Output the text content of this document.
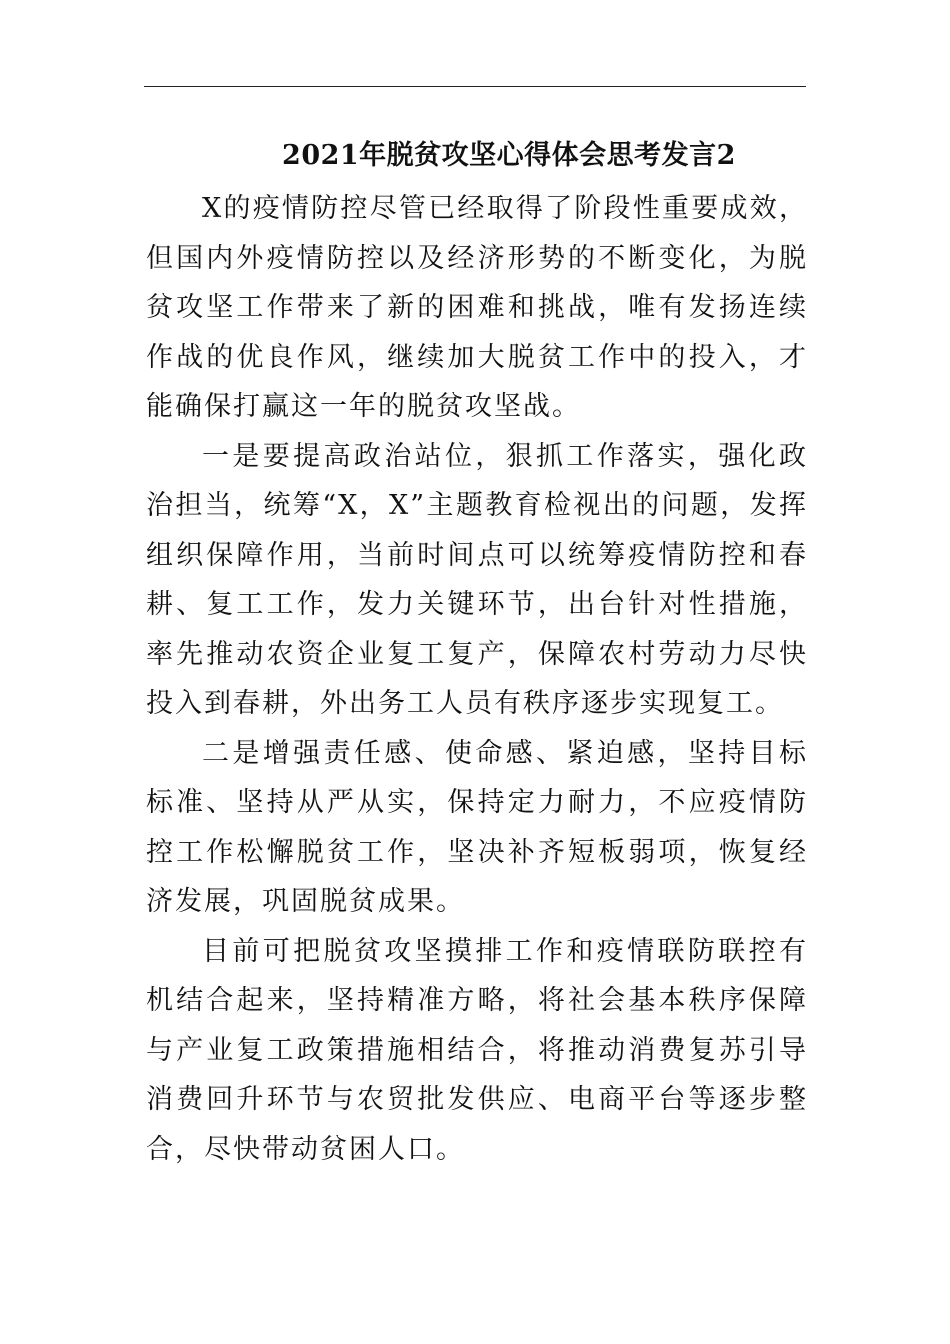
2021年脱贫攻坚心得体会思考发言2

X的疫情防控尽管已经取得了阶段性重要成效，但国内外疫情防控以及经济形势的不断变化，为脱贫攻坚工作带来了新的困难和挑战，唯有发扬连续作战的优良作风，继续加大脱贫工作中的投入，才能确保打赢这一年的脱贫攻坚战。

一是要提高政治站位，狠抓工作落实，强化政治担当，统筹“X，X”主题教育检视出的问题，发挥组织保障作用，当前时间点可以统筹疫情防控和春耕、复工工作，发力关键环节，出台针对性措施，率先推动农资企业复工复产，保障农村劳动力尽快投入到春耕，外出务工人员有秩序逐步实现复工。

二是增强责任感、使命感、紧迫感，坚持目标标准、坚持从严从实，保持定力耐力，不应疫情防控工作松懈脱贫工作，坚决补齐短板弱项，恢复经济发展，巩固脱贫成果。

目前可把脱贫攻坚摸排工作和疫情联防联控有机结合起来，坚持精准方略，将社会基本秩序保障与产业复工政策措施相结合，将推动消费复苏引导消费回升环节与农贸批发供应、电商平台等逐步整合，尽快带动贫困人口。
